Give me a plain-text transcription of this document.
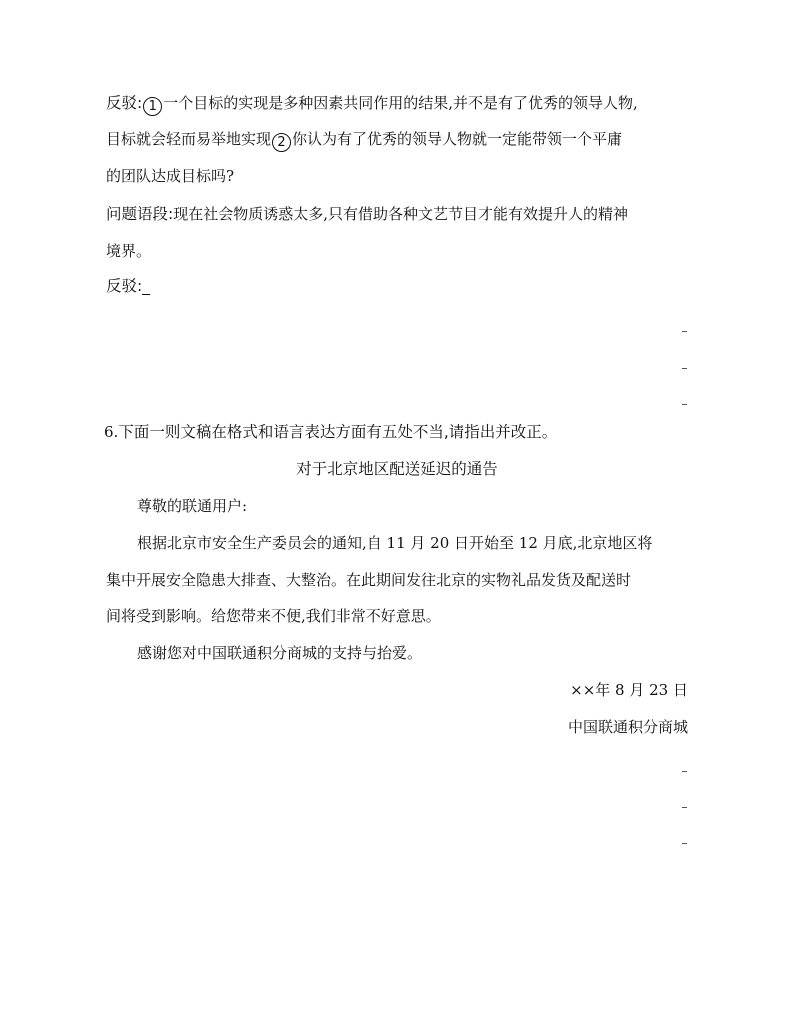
反驳: 1 一个目标的实现是多种因素共同作用的结果,并不是有了优秀的领导人物,
目标就会轻而易举地实现 2 你认为有了优秀的领导人物就一定能带领一个平庸
的团队达成目标吗?
问题语段:现在社会物质诱惑太多,只有借助各种文艺节目才能有效提升人的精神
境界。
反驳:
6.下面一则文稿在格式和语言表达方面有五处不当,请指出并改正。
对于北京地区配送延迟的通告
尊敬的联通用户:
根据北京市安全生产委员会的通知,自 11 月 20 日开始至 12 月底,北京地区将
集中开展安全隐患大排查、大整治。在此期间发往北京的实物礼品发货及配送时
间将受到影响。给您带来不便,我们非常不好意思。
感谢您对中国联通积分商城的支持与抬爱。
××年 8 月 23 日
中国联通积分商城
